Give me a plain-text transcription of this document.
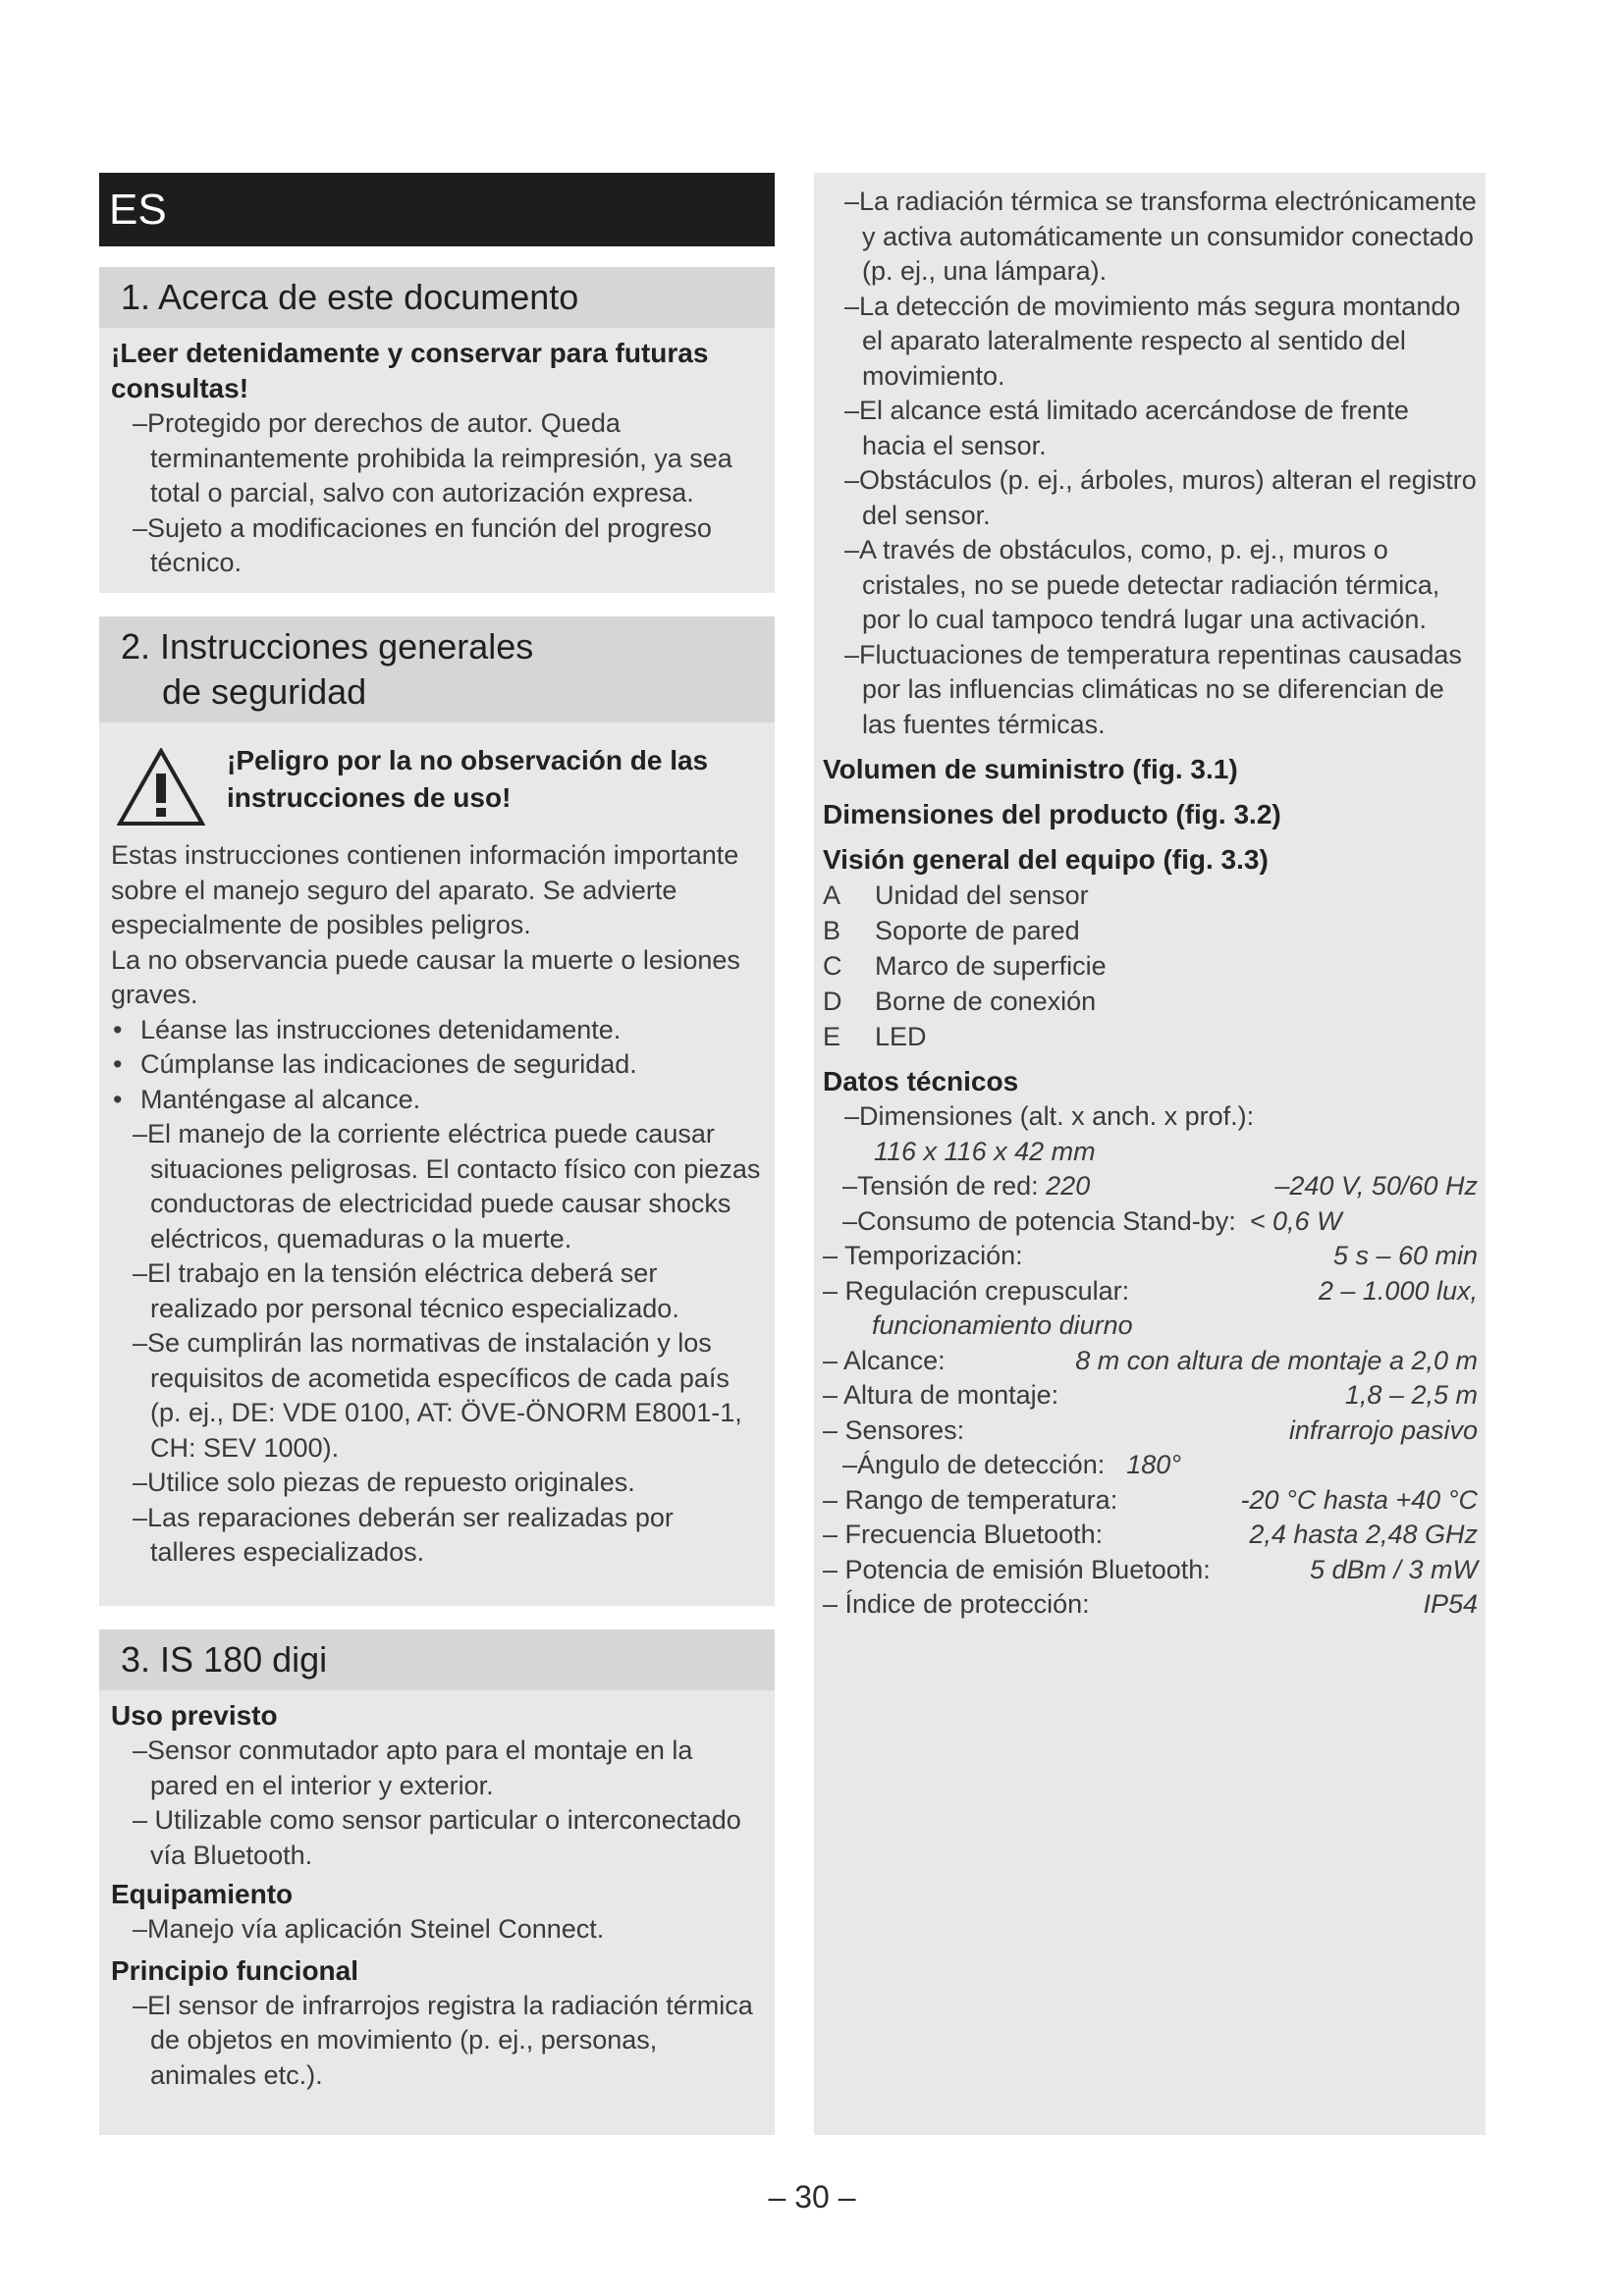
ES
1. Acerca de este documento

¡Leer detenidamente y conservar para futuras consultas!

–Protegido por derechos de autor. Queda terminantemente prohibida la reimpresión, ya sea total o parcial, salvo con autorización expresa.

–Sujeto a modificaciones en función del progreso técnico.

2. Instrucciones generales
de seguridad

¡Peligro por la no observación de las instrucciones de uso!

Estas instrucciones contienen información importante sobre el manejo seguro del aparato. Se advierte especialmente de posibles peligros.

La no observancia puede causar la muerte o lesiones graves.

• Léanse las instrucciones detenidamente.

• Cúmplanse las indicaciones de seguridad.

• Manténgase al alcance.

–El manejo de la corriente eléctrica puede causar situaciones peligrosas. El contacto físico con piezas conductoras de electricidad puede causar shocks eléctricos, quemaduras o la muerte.

–El trabajo en la tensión eléctrica deberá ser realizado por personal técnico especializado.

–Se cumplirán las normativas de instalación y los requisitos de acometida específicos de cada país (p. ej., DE: VDE 0100, AT: ÖVE-ÖNORM E8001-1, CH: SEV 1000).

–Utilice solo piezas de repuesto originales.

–Las reparaciones deberán ser realizadas por talleres especializados.

3. IS 180 digi

Uso previsto

–Sensor conmutador apto para el montaje en la pared en el interior y exterior.

– Utilizable como sensor particular o interconectado vía Bluetooth.

Equipamiento

–Manejo vía aplicación Steinel Connect.

Principio funcional

–El sensor de infrarrojos registra la radiación térmica de objetos en movimiento (p. ej., personas, animales etc.).

–La radiación térmica se transforma electrónicamente y activa automáticamente un consumidor conectado (p. ej., una lámpara).

–La detección de movimiento más segura montando el aparato lateralmente respecto al sentido del movimiento.

–El alcance está limitado acercándose de frente hacia el sensor.

–Obstáculos (p. ej., árboles, muros) alteran el registro del sensor.

–A través de obstáculos, como, p. ej., muros o cristales, no se puede detectar radiación térmica, por lo cual tampoco tendrá lugar una activación.

–Fluctuaciones de temperatura repentinas causadas por las influencias climáticas no se diferencian de las fuentes térmicas.

Volumen de suministro (fig. 3.1)

Dimensiones del producto (fig. 3.2)

Visión general del equipo (fig. 3.3)

A	Unidad del sensor
B	Soporte de pared
C	Marco de superficie
D	Borne de conexión
E	LED

Datos técnicos

–Dimensiones (alt. x anch. x prof.):

116 x 116 x 42 mm

–Tensión de red: 220	–240 V, 50/60 Hz
–Consumo de potencia Stand-by: < 0,6 W
– Temporización:	5 s – 60 min
– Regulación crepuscular:	2 – 1.000 lux,

funcionamiento diurno

– Alcance:	8 m con altura de montaje a 2,0 m
– Altura de montaje:	1,8 – 2,5 m
– Sensores:	infrarrojo pasivo
–Ángulo de detección: 180°
– Rango de temperatura:	-20 °C hasta +40 °C
– Frecuencia Bluetooth:	2,4 hasta 2,48 GHz
– Potencia de emisión Bluetooth:	5 dBm / 3 mW
– Índice de protección:	IP54
– 30 –
